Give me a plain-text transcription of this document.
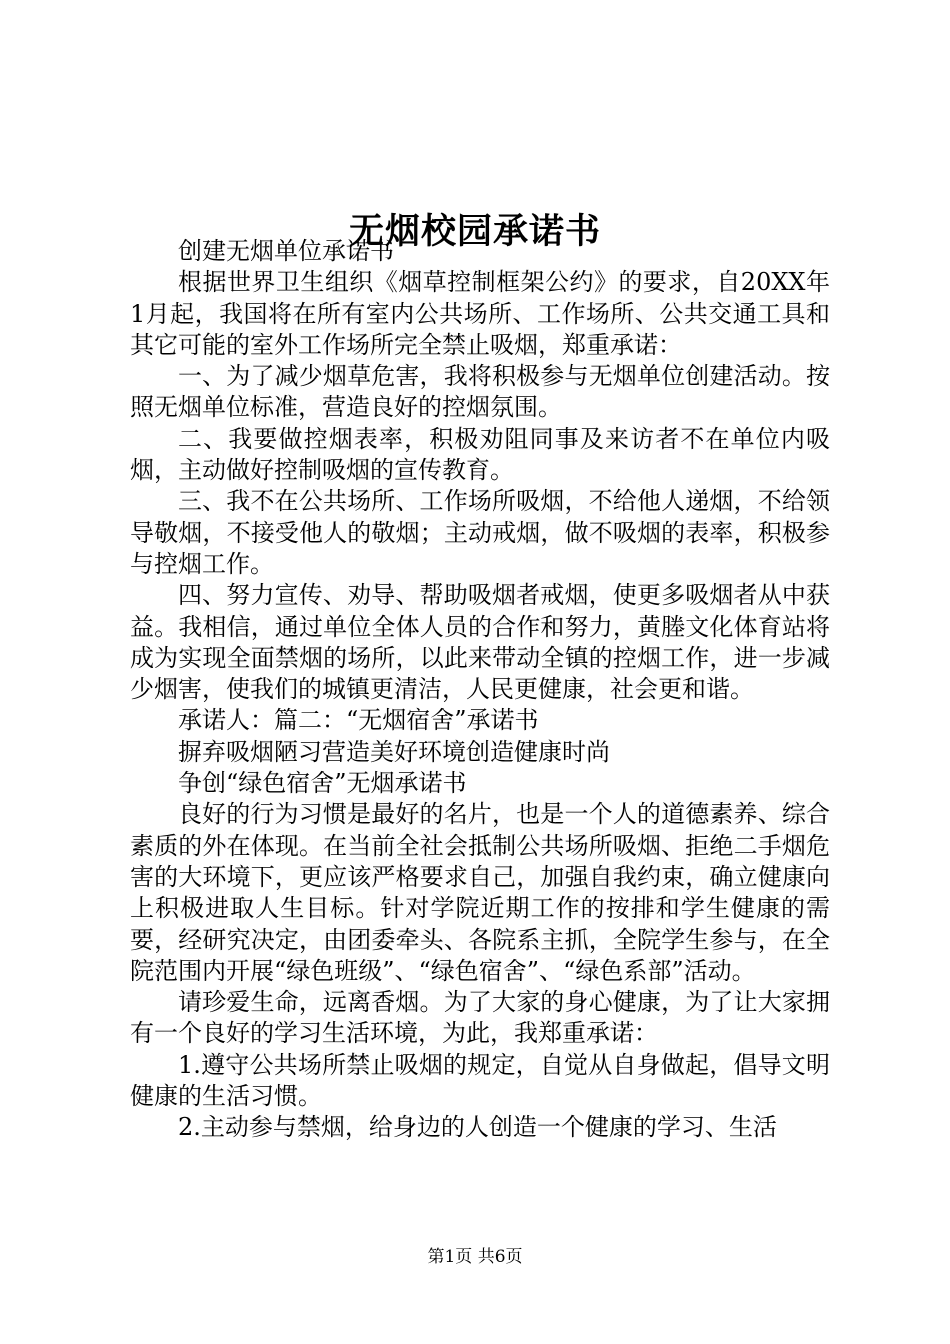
无烟校园承诺书

创建无烟单位承诺书

根据世界卫生组织《烟草控制框架公约》的要求，自20XX年1月起，我国将在所有室内公共场所、工作场所、公共交通工具和其它可能的室外工作场所完全禁止吸烟，郑重承诺：

一、为了减少烟草危害，我将积极参与无烟单位创建活动。按照无烟单位标准，营造良好的控烟氛围。

二、我要做控烟表率，积极劝阻同事及来访者不在单位内吸烟，主动做好控制吸烟的宣传教育。

三、我不在公共场所、工作场所吸烟，不给他人递烟，不给领导敬烟，不接受他人的敬烟；主动戒烟，做不吸烟的表率，积极参与控烟工作。

四、努力宣传、劝导、帮助吸烟者戒烟，使更多吸烟者从中获益。我相信，通过单位全体人员的合作和努力，黄塍文化体育站将成为实现全面禁烟的场所，以此来带动全镇的控烟工作，进一步减少烟害，使我们的城镇更清洁，人民更健康，社会更和谐。

承诺人：篇二：“无烟宿舍”承诺书

摒弃吸烟陋习营造美好环境创造健康时尚

争创“绿色宿舍”无烟承诺书

良好的行为习惯是最好的名片，也是一个人的道德素养、综合素质的外在体现。在当前全社会抵制公共场所吸烟、拒绝二手烟危害的大环境下，更应该严格要求自己，加强自我约束，确立健康向上积极进取人生目标。针对学院近期工作的按排和学生健康的需要，经研究决定，由团委牵头、各院系主抓，全院学生参与，在全院范围内开展“绿色班级”、“绿色宿舍”、“绿色系部”活动。

请珍爱生命，远离香烟。为了大家的身心健康，为了让大家拥有一个良好的学习生活环境，为此，我郑重承诺：

1.遵守公共场所禁止吸烟的规定，自觉从自身做起，倡导文明健康的生活习惯。

2.主动参与禁烟，给身边的人创造一个健康的学习、生活

第1页 共6页
